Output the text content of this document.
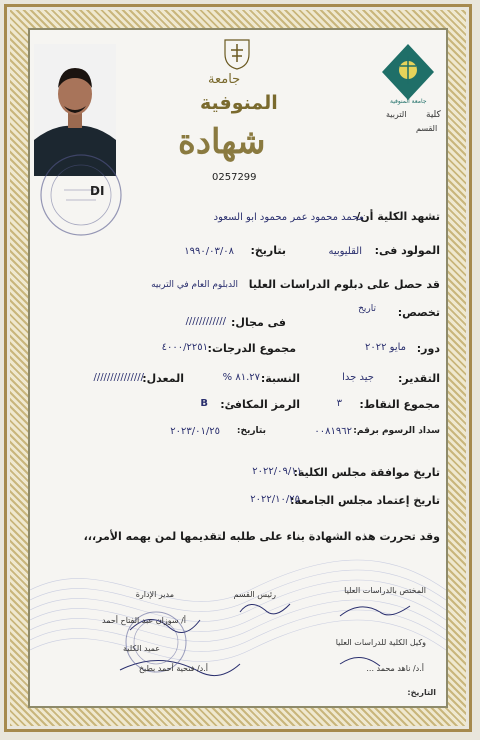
DI
جامعة
المنوفية
شهادة
0257299
جامعة المنوفية
كلية
التربية
القسم
تشهد الكلية أن/
محمد محمود عمر محمود ابو السعود
المولود فى:
القليوبيه
بتاريخ:
١٩٩٠/٠٣/٠٨
قد حصل على دبلوم الدراسات العليا
الدبلوم العام في التربيه
تخصص:
تاريخ
فى مجال:
////////////
دور:
مايو ٢٠٢٢
مجموع الدرجات:
٤٠٠٠/٢٢٥١
التقدير:
جيد جدا
النسبة:
٨١.٢٧ %
المعدل:
///////////////
مجموع النقاط:
٣
الرمز المكافئ:
B
سداد الرسوم برقم:
٠٠٨١٩٦٢
بتاريخ:
٢٠٢٣/٠١/٢٥
تاريخ موافقة مجلس الكلية:
٢٠٢٢/٠٩/١١
تاريخ إعتماد مجلس الجامعة:
٢٠٢٢/١٠/٢٥
وقد تحررت هذه الشهادة بناء على طلبه لتقديمها لمن يهمه الأمر،،،
المختص بالدراسات العليا
رئيس القسم
مدير الإدارة
أ/ سوزان عبد الفتاح أحمد
وكيل الكلية للدراسات العليا
عميد الكلية
أ.د/ ناهد محمد ...
أ.د/ فتحية أحمد بطيخ
التاريخ:
